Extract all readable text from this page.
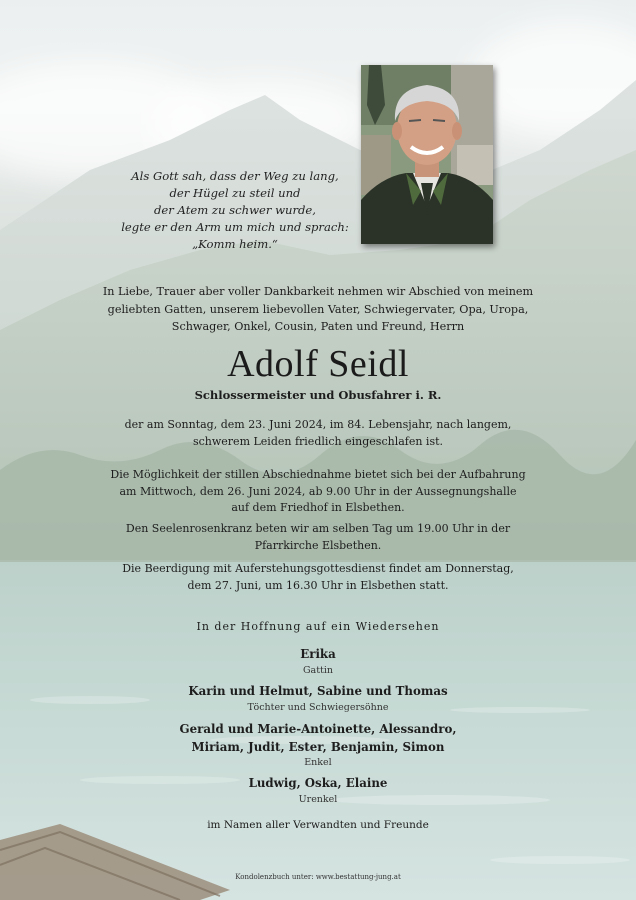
Als Gott sah, dass der Weg zu lang,
der Hügel zu steil und
der Atem zu schwer wurde,
legte er den Arm um mich und sprach:
„Komm heim.“
In Liebe, Trauer aber voller Dankbarkeit nehmen wir Abschied von meinem
geliebten Gatten, unserem liebevollen Vater, Schwiegervater, Opa, Uropa,
Schwager, Onkel, Cousin, Paten und Freund, Herrn
Adolf Seidl
Schlossermeister und Obusfahrer i. R.
der am Sonntag, dem 23. Juni 2024, im 84. Lebensjahr, nach langem,
schwerem Leiden friedlich eingeschlafen ist.
Die Möglichkeit der stillen Abschiednahme bietet sich bei der Aufbahrung
am Mittwoch, dem 26. Juni 2024, ab 9.00 Uhr in der Aussegnungshalle
auf dem Friedhof in Elsbethen.
Den Seelenrosenkranz beten wir am selben Tag um 19.00 Uhr in der
Pfarrkirche Elsbethen.
Die Beerdigung mit Auferstehungsgottesdienst findet am Donnerstag,
dem 27. Juni, um 16.30 Uhr in Elsbethen statt.
In der Hoffnung auf ein Wiedersehen
Erika
Gattin
Karin und Helmut, Sabine und Thomas
Töchter und Schwiegersöhne
Gerald und Marie-Antoinette, Alessandro,
Miriam, Judit, Ester, Benjamin, Simon
Enkel
Ludwig, Oska, Elaine
Urenkel
im Namen aller Verwandten und Freunde
Kondolenzbuch unter: www.bestattung-jung.at
